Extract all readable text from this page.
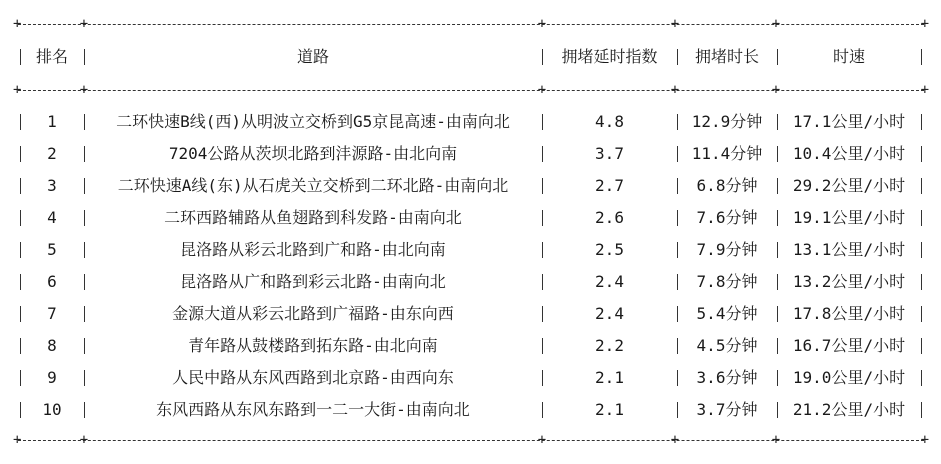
+ +	+	+	+
+
排名	道路	拥堵延时指数	拥堵时长	时速
+ +	+	+	+
+
1	二环快速B线(西)从明波立交桥到G5京昆高速-由南向北	4.8	12.9分钟	17.1公里/小时
2	7204公路从茨坝北路到沣源路-由北向南	3.7	11.4分钟	10.4公里/小时
3	二环快速A线(东)从石虎关立交桥到二环北路-由南向北	2.7	6.8分钟	29.2公里/小时
4	二环西路辅路从鱼翅路到科发路-由南向北	2.6	7.6分钟	19.1公里/小时
5	昆洛路从彩云北路到广和路-由北向南	2.5	7.9分钟	13.1公里/小时
6	昆洛路从广和路到彩云北路-由南向北	2.4	7.8分钟	13.2公里/小时
7	金源大道从彩云北路到广福路-由东向西	2.4	5.4分钟	17.8公里/小时
8	青年路从鼓楼路到拓东路-由北向南	2.2	4.5分钟	16.7公里/小时
9	人民中路从东风西路到北京路-由西向东	2.1	3.6分钟	19.0公里/小时
10	东风西路从东风东路到一二一大街-由南向北	2.1	3.7分钟	21.2公里/小时
+ +	+	+	+
+
